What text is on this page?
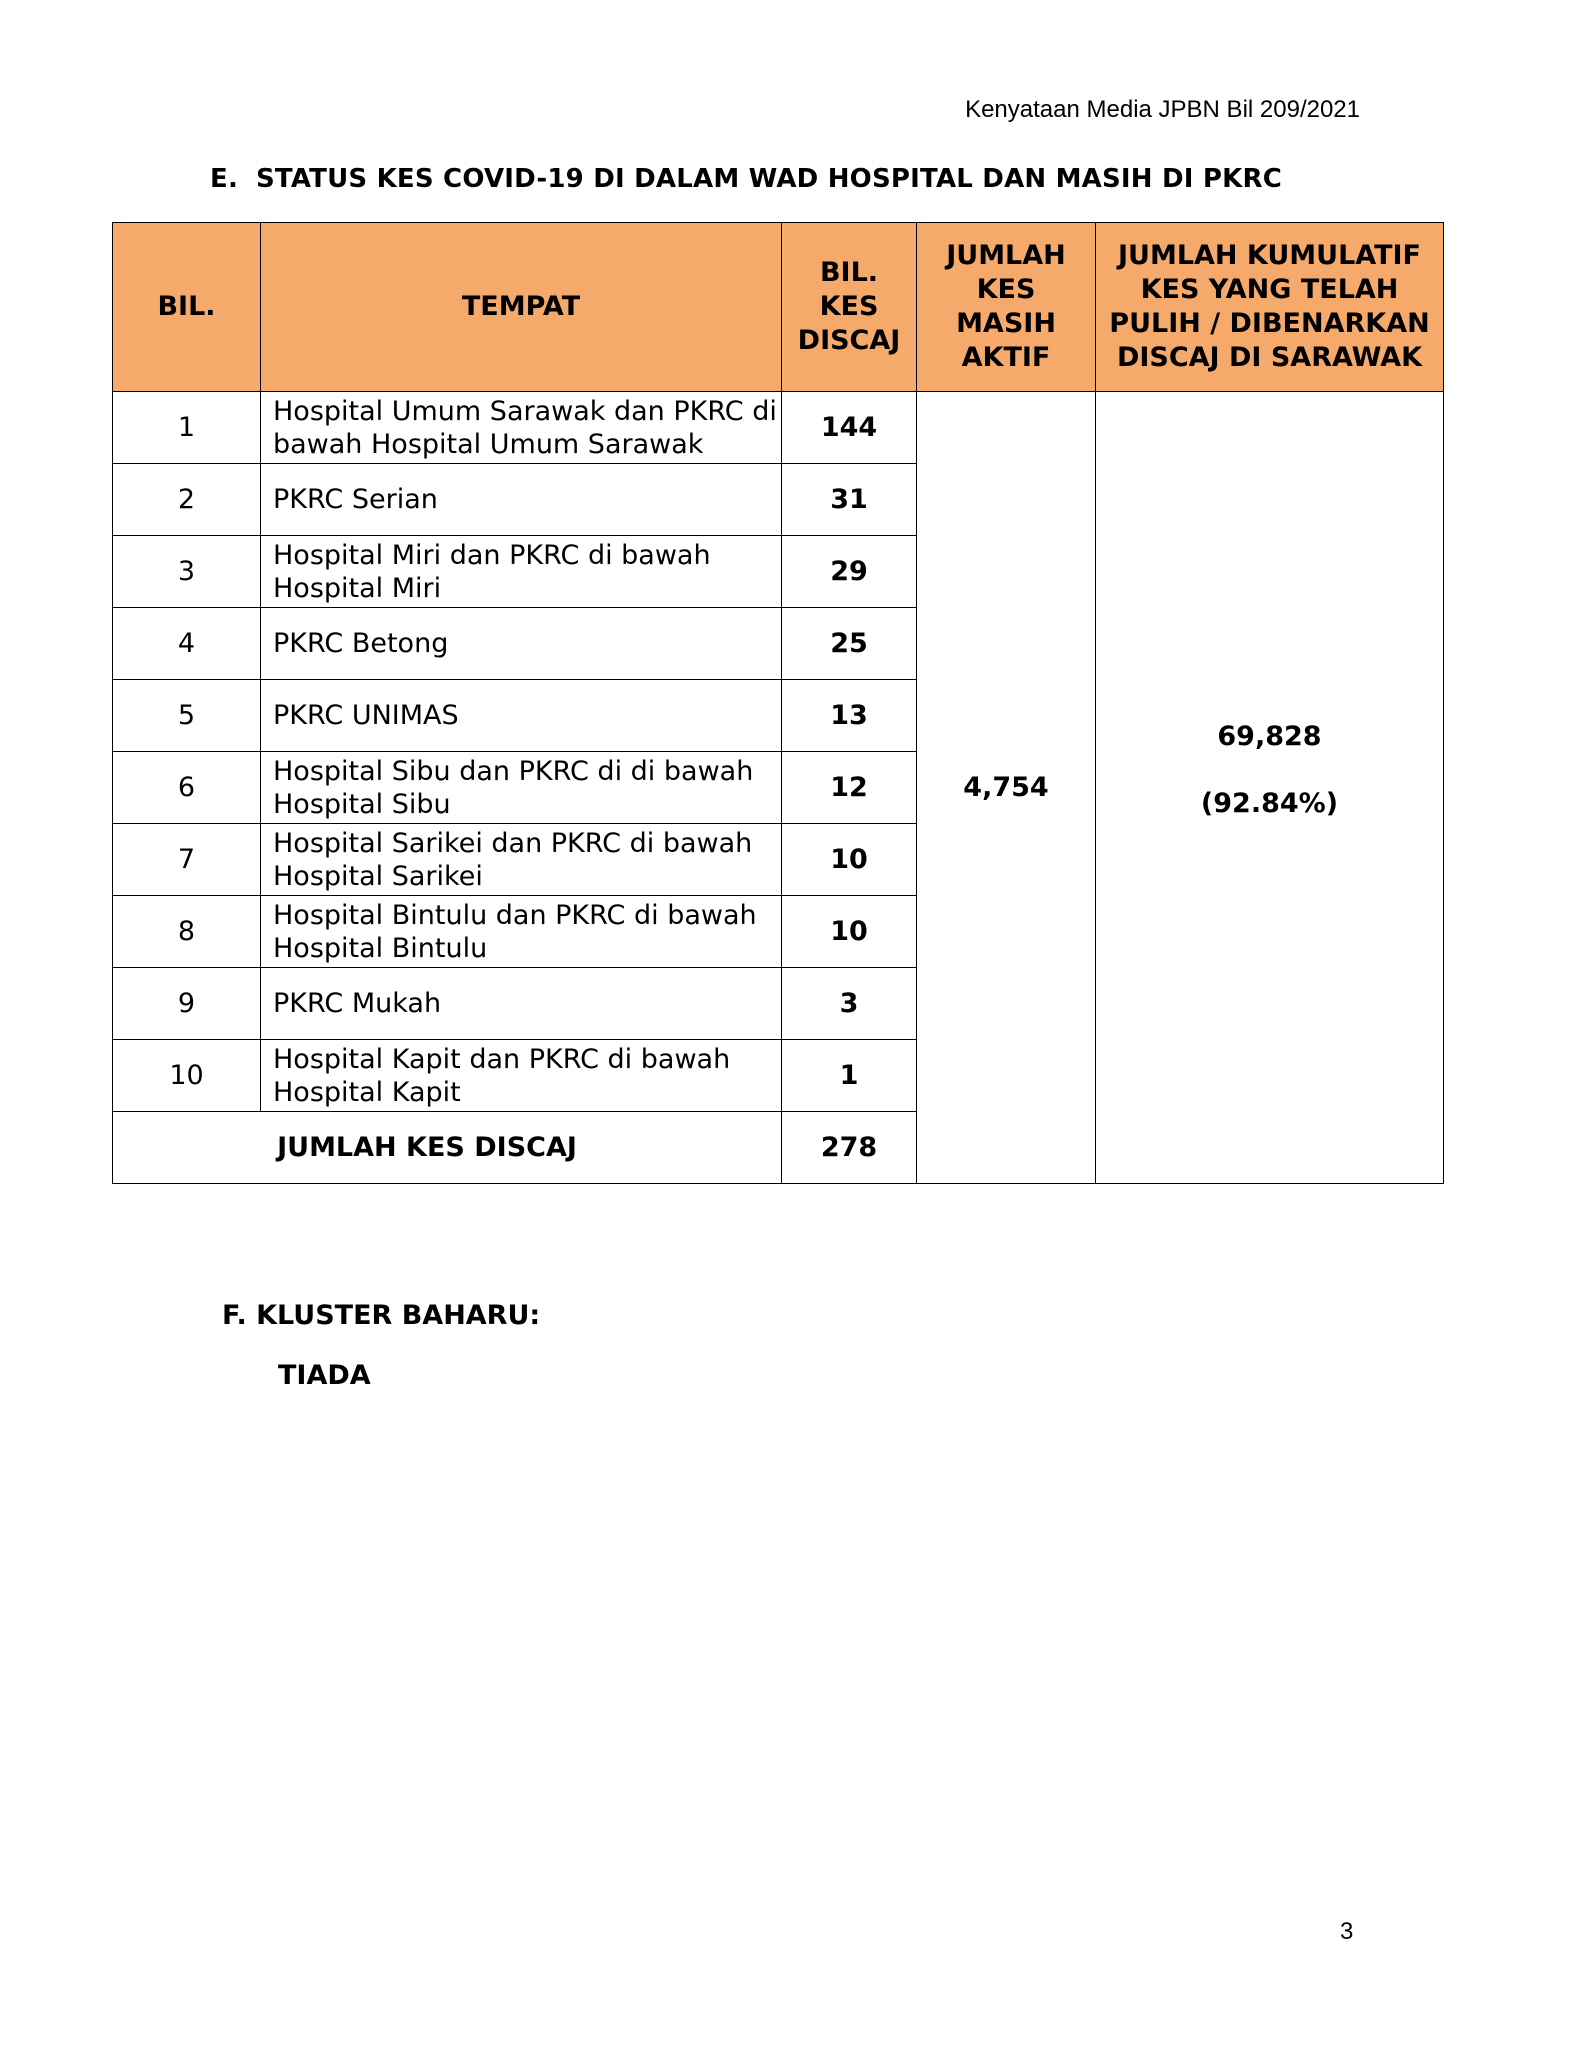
Kenyataan Media JPBN Bil 209/2021
E. STATUS KES COVID-19 DI DALAM WAD HOSPITAL DAN MASIH DI PKRC
BIL.	TEMPAT	BIL. KES DISCAJ	JUMLAH KES MASIH AKTIF	JUMLAH KUMULATIF KES YANG TELAH PULIH / DIBENARKAN DISCAJ DI SARAWAK
1	Hospital Umum Sarawak dan PKRC di bawah Hospital Umum Sarawak	144	4,754	69,828
(92.84%)

2	PKRC Serian	31		
3	Hospital Miri dan PKRC di bawah Hospital Miri	29		
4	PKRC Betong	25		
5	PKRC UNIMAS	13		
6	Hospital Sibu dan PKRC di di bawah Hospital Sibu	12		
7	Hospital Sarikei dan PKRC di bawah Hospital Sarikei	10		
8	Hospital Bintulu dan PKRC di bawah Hospital Bintulu	10		
9	PKRC Mukah	3		
10	Hospital Kapit dan PKRC di bawah Hospital Kapit	1		
JUMLAH KES DISCAJ		278		
F. KLUSTER BAHARU:
TIADA
3
